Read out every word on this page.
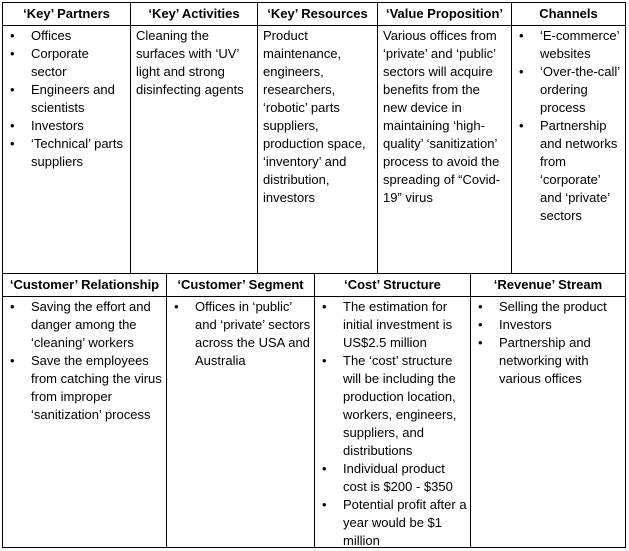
‘Key’ Partners
• Offices
• Corporate sector
• Engineers and scientists
• Investors
• ‘Technical’ parts suppliers
‘Key’ Activities
Cleaning the surfaces with ‘UV’ light and strong disinfecting agents
‘Key’ Resources
Product maintenance, engineers, researchers, ‘robotic’ parts suppliers, production space, ‘inventory’ and distribution, investors
‘Value Proposition’
Various offices from ‘private’ and ‘public’ sectors will acquire benefits from the new device in maintaining ‘high-quality’ ‘sanitization’ process to avoid the spreading of “Covid-19” virus
Channels
• ‘E-commerce’ websites
• ‘Over-the-call’ ordering process
• Partnership and networks from ‘corporate’ and ‘private’ sectors
‘Customer’ Relationship
• Saving the effort and danger among the ‘cleaning’ workers
• Save the employees from catching the virus from improper ‘sanitization’ process
‘Customer’ Segment
• Offices in ‘public’ and ‘private’ sectors across the USA and Australia
‘Cost’ Structure
• The estimation for initial investment is US$2.5 million
• The ‘cost’ structure will be including the production location, workers, engineers, suppliers, and distributions
• Individual product cost is $200 - $350
• Potential profit after a year would be $1 million
‘Revenue’ Stream
• Selling the product
• Investors
• Partnership and networking with various offices
